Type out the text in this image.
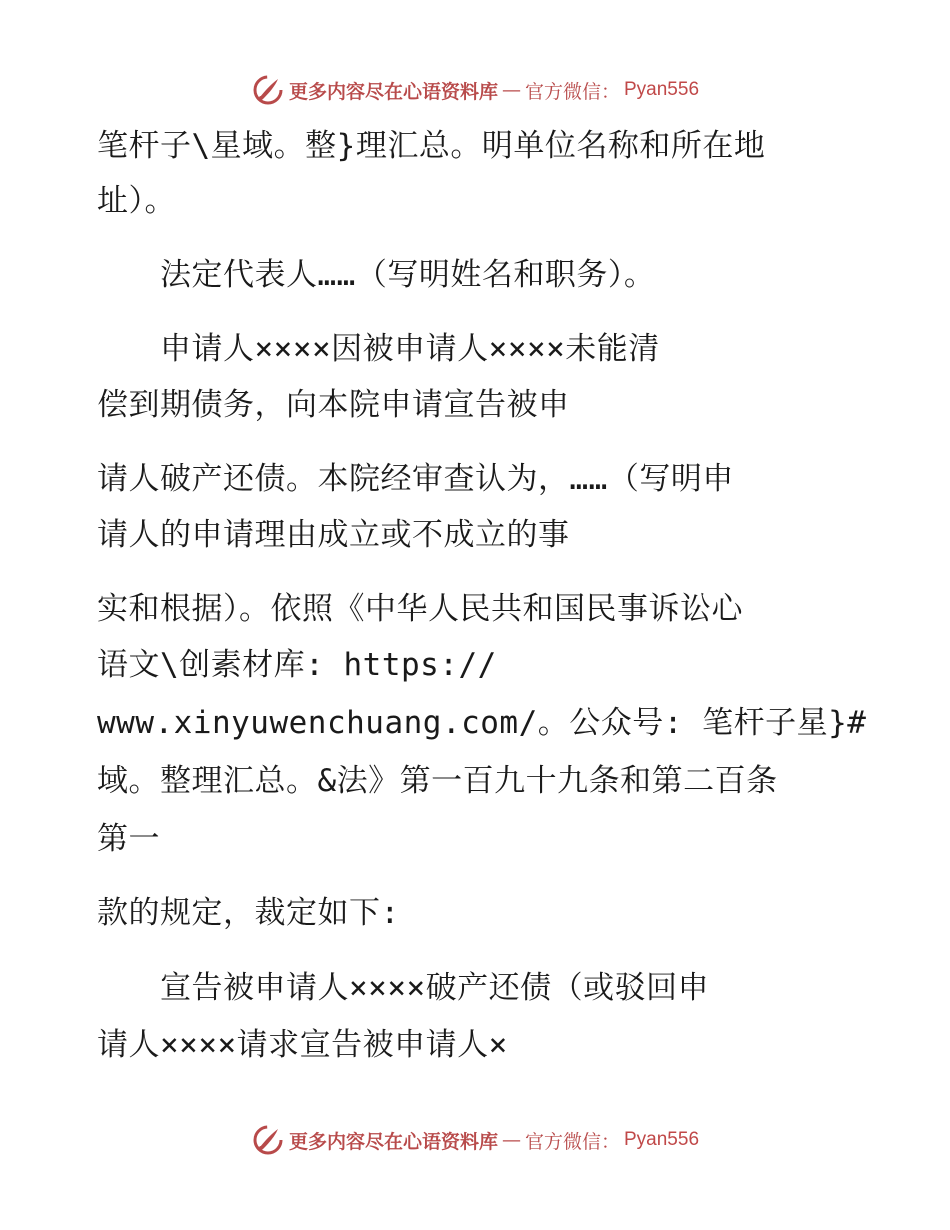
更多内容尽在心语资料库 — 官方微信： Pyan556
笔杆子\星域。整}理汇总。明单位名称和所在地
址）。
　　法定代表人……（写明姓名和职务）。
　　申请人××××因被申请人××××未能清
偿到期债务，向本院申请宣告被申
请人破产还债。本院经审查认为，……（写明申
请人的申请理由成立或不成立的事
实和根据）。依照《中华人民共和国民事诉讼心
语文\创素材库: https://
www.xinyuwenchuang.com/。公众号: 笔杆子星}#
域。整理汇总。&法》第一百九十九条和第二百条
第一
款的规定，裁定如下:
　　宣告被申请人××××破产还债（或驳回申
请人××××请求宣告被申请人×
更多内容尽在心语资料库 — 官方微信： Pyan556
